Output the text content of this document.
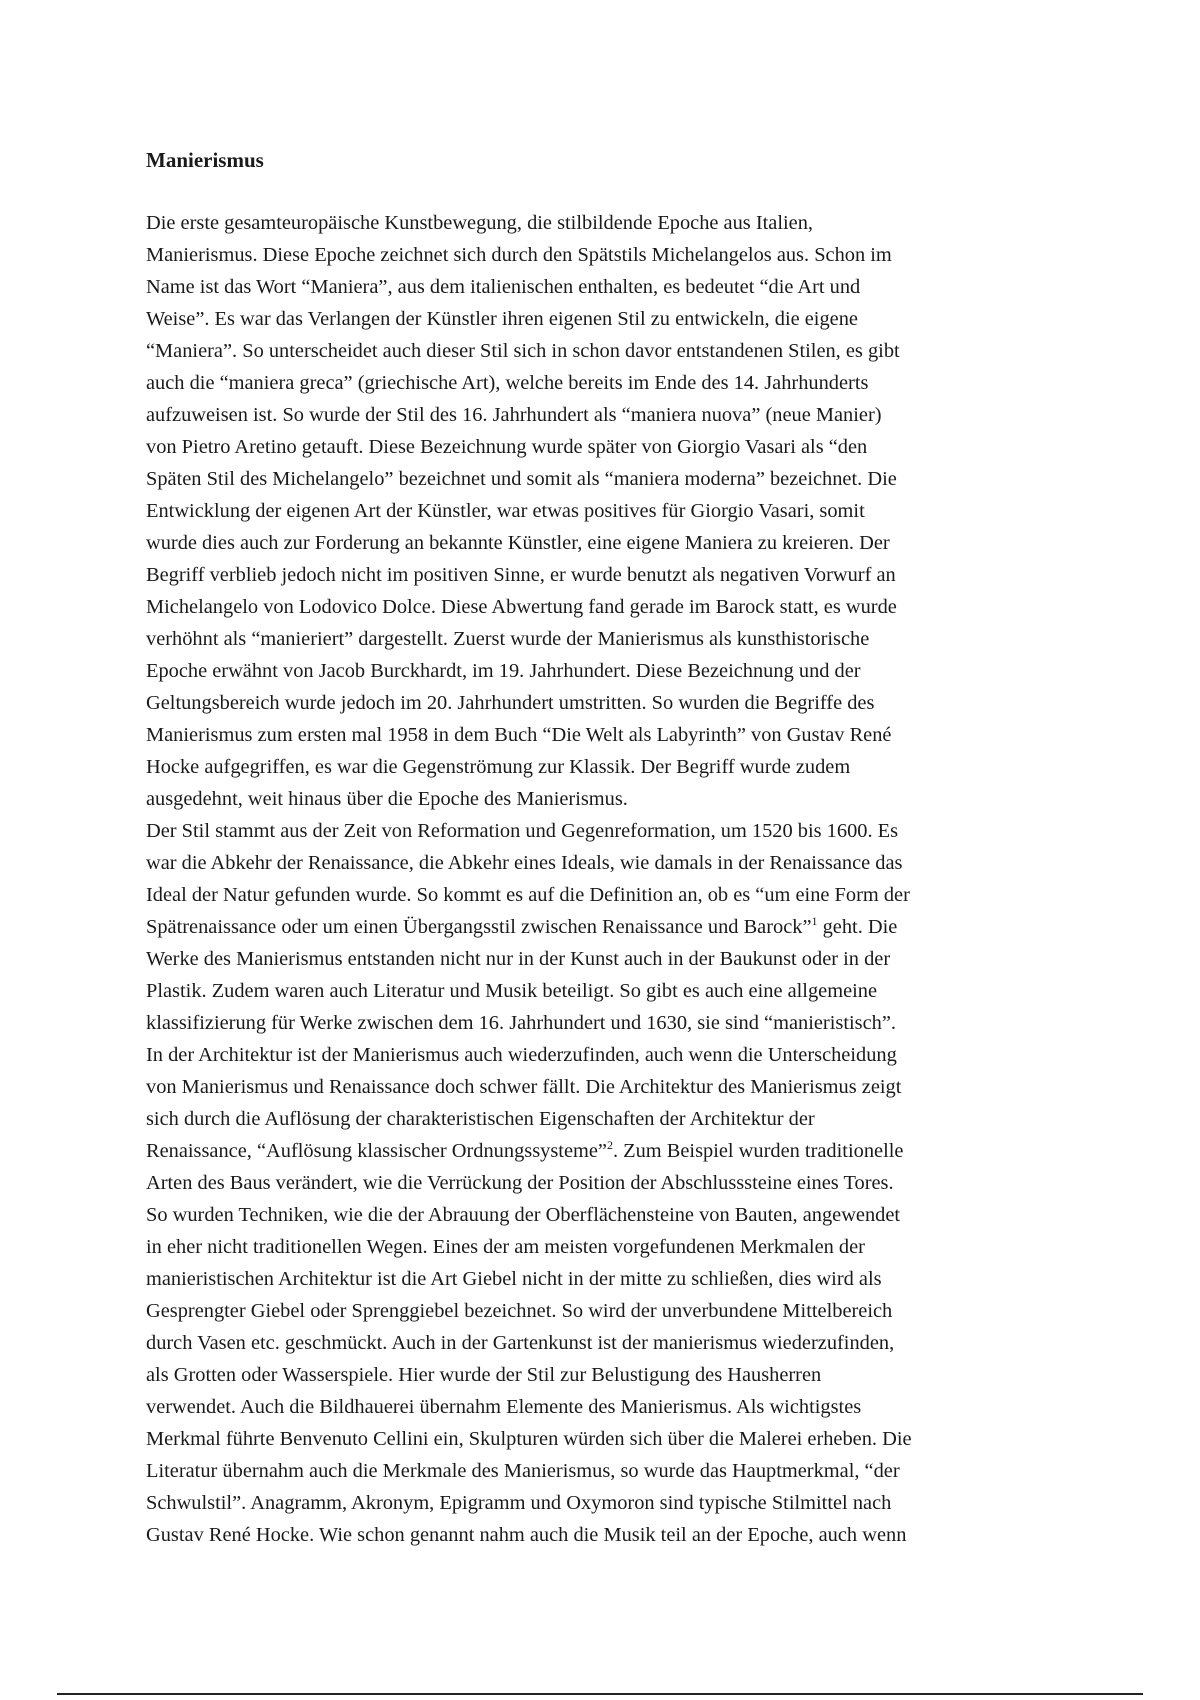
Manierismus
Die erste gesamteuropäische Kunstbewegung, die stilbildende Epoche aus Italien,
Manierismus. Diese Epoche zeichnet sich durch den Spätstils Michelangelos aus. Schon im
Name ist das Wort “Maniera”, aus dem italienischen enthalten, es bedeutet “die Art und
Weise”. Es war das Verlangen der Künstler ihren eigenen Stil zu entwickeln, die eigene
“Maniera”. So unterscheidet auch dieser Stil sich in schon davor entstandenen Stilen, es gibt
auch die “maniera greca” (griechische Art), welche bereits im Ende des 14. Jahrhunderts
aufzuweisen ist. So wurde der Stil des 16. Jahrhundert als “maniera nuova” (neue Manier)
von Pietro Aretino getauft. Diese Bezeichnung wurde später von Giorgio Vasari als “den
Späten Stil des Michelangelo” bezeichnet und somit als “maniera moderna” bezeichnet. Die
Entwicklung der eigenen Art der Künstler, war etwas positives für Giorgio Vasari, somit
wurde dies auch zur Forderung an bekannte Künstler, eine eigene Maniera zu kreieren. Der
Begriff verblieb jedoch nicht im positiven Sinne, er wurde benutzt als negativen Vorwurf an
Michelangelo von Lodovico Dolce. Diese Abwertung fand gerade im Barock statt, es wurde
verhöhnt als “manieriert” dargestellt. Zuerst wurde der Manierismus als kunsthistorische
Epoche erwähnt von Jacob Burckhardt, im 19. Jahrhundert. Diese Bezeichnung und der
Geltungsbereich wurde jedoch im 20. Jahrhundert umstritten. So wurden die Begriffe des
Manierismus zum ersten mal 1958 in dem Buch “Die Welt als Labyrinth” von Gustav René
Hocke aufgegriffen, es war die Gegenströmung zur Klassik. Der Begriff wurde zudem
ausgedehnt, weit hinaus über die Epoche des Manierismus.
Der Stil stammt aus der Zeit von Reformation und Gegenreformation, um 1520 bis 1600. Es
war die Abkehr der Renaissance, die Abkehr eines Ideals, wie damals in der Renaissance das
Ideal der Natur gefunden wurde. So kommt es auf die Definition an, ob es “um eine Form der
Spätrenaissance oder um einen Übergangsstil zwischen Renaissance und Barock”$^1$ geht. Die
Werke des Manierismus entstanden nicht nur in der Kunst auch in der Baukunst oder in der
Plastik. Zudem waren auch Literatur und Musik beteiligt. So gibt es auch eine allgemeine
klassifizierung für Werke zwischen dem 16. Jahrhundert und 1630, sie sind “manieristisch”.
In der Architektur ist der Manierismus auch wiederzufinden, auch wenn die Unterscheidung
von Manierismus und Renaissance doch schwer fällt. Die Architektur des Manierismus zeigt
sich durch die Auflösung der charakteristischen Eigenschaften der Architektur der
Renaissance, “Auflösung klassischer Ordnungssysteme”$^2$. Zum Beispiel wurden traditionelle
Arten des Baus verändert, wie die Verrückung der Position der Abschlusssteine eines Tores.
So wurden Techniken, wie die der Abrauung der Oberflächensteine von Bauten, angewendet
in eher nicht traditionellen Wegen. Eines der am meisten vorgefundenen Merkmalen der
manieristischen Architektur ist die Art Giebel nicht in der mitte zu schließen, dies wird als
Gesprengter Giebel oder Sprenggiebel bezeichnet. So wird der unverbundene Mittelbereich
durch Vasen etc. geschmückt. Auch in der Gartenkunst ist der manierismus wiederzufinden,
als Grotten oder Wasserspiele. Hier wurde der Stil zur Belustigung des Hausherren
verwendet. Auch die Bildhauerei übernahm Elemente des Manierismus. Als wichtigstes
Merkmal führte Benvenuto Cellini ein, Skulpturen würden sich über die Malerei erheben. Die
Literatur übernahm auch die Merkmale des Manierismus, so wurde das Hauptmerkmal, “der
Schwulstil”. Anagramm, Akronym, Epigramm und Oxymoron sind typische Stilmittel nach
Gustav René Hocke. Wie schon genannt nahm auch die Musik teil an der Epoche, auch wenn
